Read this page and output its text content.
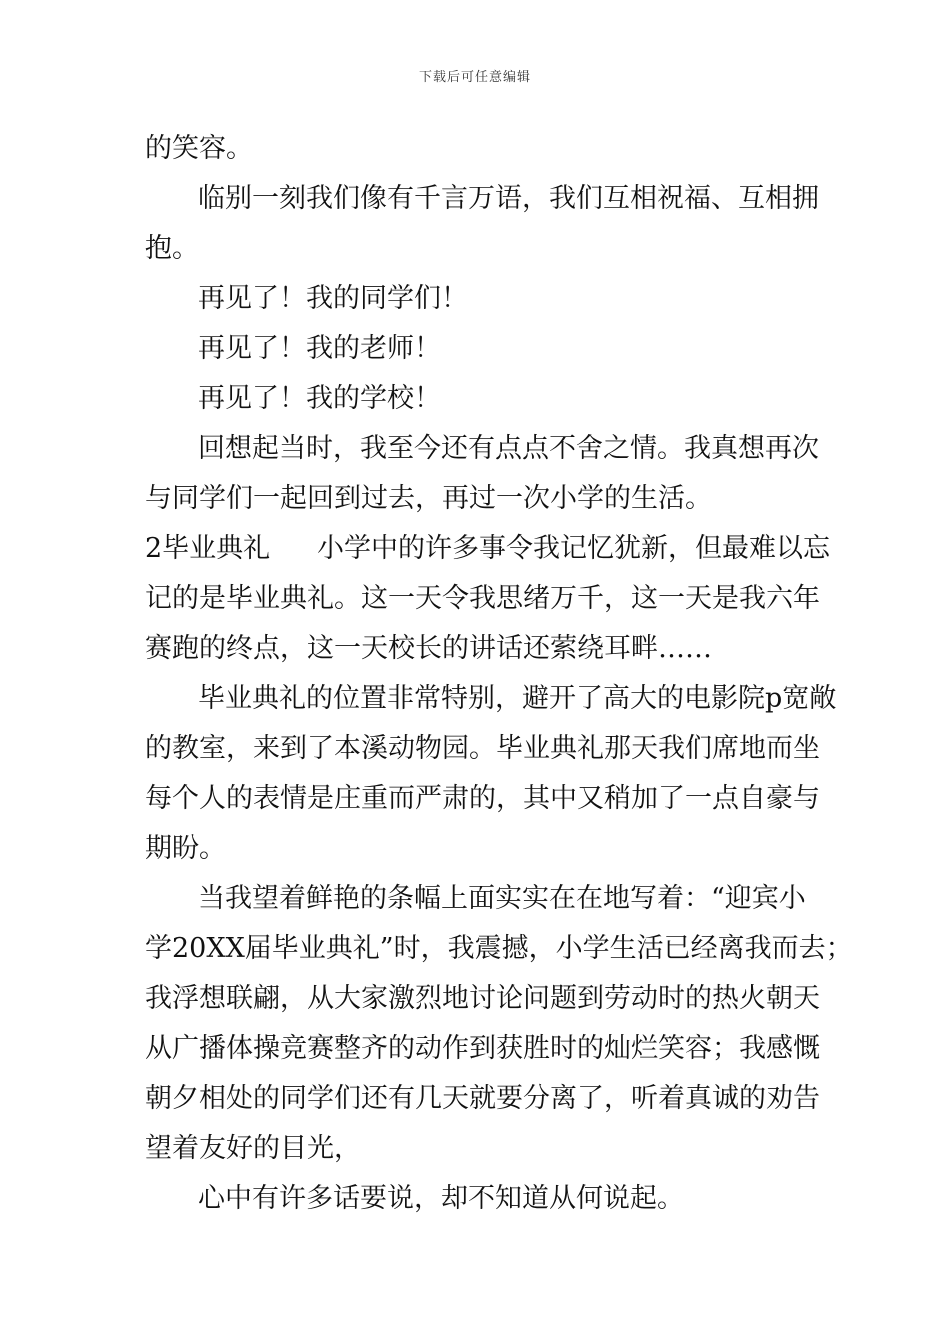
下载后可任意编辑
的笑容。
临别一刻我们像有千言万语，我们互相祝福、互相拥
抱。
再见了！我的同学们！
再见了！我的老师！
再见了！我的学校！
回想起当时，我至今还有点点不舍之情。我真想再次
与同学们一起回到过去，再过一次小学的生活。
2毕业典礼 小学中的许多事令我记忆犹新，但最难以忘
记的是毕业典礼。这一天令我思绪万千，这一天是我六年
赛跑的终点，这一天校长的讲话还萦绕耳畔……
毕业典礼的位置非常特别，避开了高大的电影院p宽敞
的教室，来到了本溪动物园。毕业典礼那天我们席地而坐
每个人的表情是庄重而严肃的，其中又稍加了一点自豪与
期盼。
当我望着鲜艳的条幅上面实实在在地写着：“迎宾小
学20XX届毕业典礼”时，我震撼，小学生活已经离我而去；
我浮想联翩，从大家激烈地讨论问题到劳动时的热火朝天
从广播体操竞赛整齐的动作到获胜时的灿烂笑容；我感慨
朝夕相处的同学们还有几天就要分离了，听着真诚的劝告
望着友好的目光，
心中有许多话要说，却不知道从何说起。
